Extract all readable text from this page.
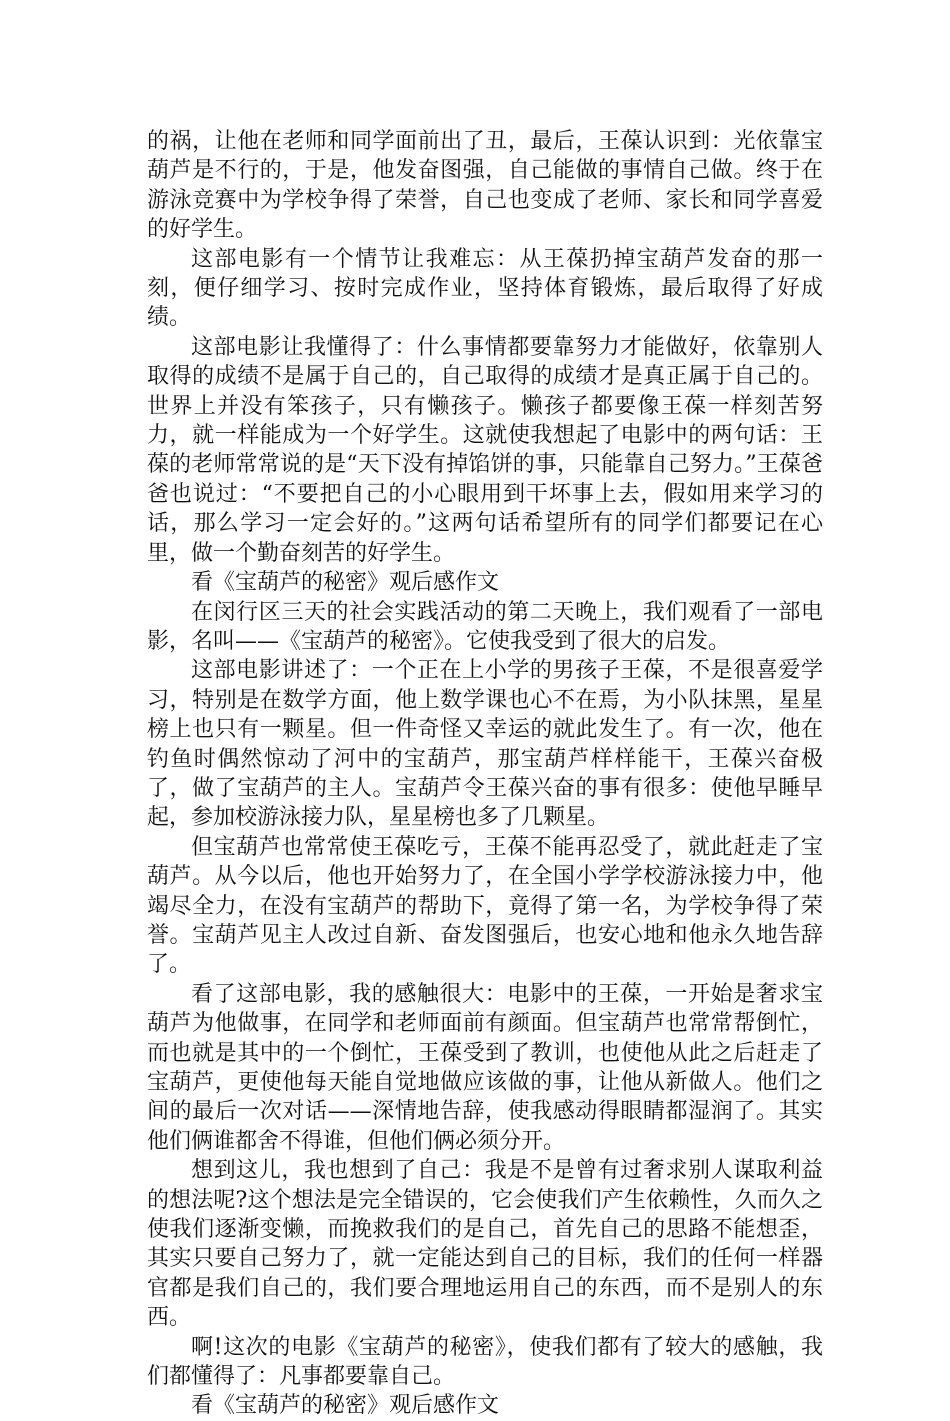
的祸，让他在老师和同学面前出了丑，最后，王葆认识到：光依靠宝葫芦是不行的，于是，他发奋图强，自己能做的事情自己做。终于在游泳竞赛中为学校争得了荣誉，自己也变成了老师、家长和同学喜爱的好学生。

这部电影有一个情节让我难忘：从王葆扔掉宝葫芦发奋的那一刻，便仔细学习、按时完成作业，坚持体育锻炼，最后取得了好成绩。

这部电影让我懂得了：什么事情都要靠努力才能做好，依靠别人取得的成绩不是属于自己的，自己取得的成绩才是真正属于自己的。世界上并没有笨孩子，只有懒孩子。懒孩子都要像王葆一样刻苦努力，就一样能成为一个好学生。这就使我想起了电影中的两句话：王葆的老师常常说的是“天下没有掉馅饼的事，只能靠自己努力。”王葆爸爸也说过：“不要把自己的小心眼用到干坏事上去，假如用来学习的话，那么学习一定会好的。”这两句话希望所有的同学们都要记在心里，做一个勤奋刻苦的好学生。

看《宝葫芦的秘密》观后感作文

在闵行区三天的社会实践活动的第二天晚上，我们观看了一部电影，名叫——《宝葫芦的秘密》。它使我受到了很大的启发。

这部电影讲述了：一个正在上小学的男孩子王葆，不是很喜爱学习，特别是在数学方面，他上数学课也心不在焉，为小队抹黑，星星榜上也只有一颗星。但一件奇怪又幸运的就此发生了。有一次，他在钓鱼时偶然惊动了河中的宝葫芦，那宝葫芦样样能干，王葆兴奋极了，做了宝葫芦的主人。宝葫芦令王葆兴奋的事有很多：使他早睡早起，参加校游泳接力队，星星榜也多了几颗星。

但宝葫芦也常常使王葆吃亏，王葆不能再忍受了，就此赶走了宝葫芦。从今以后，他也开始努力了，在全国小学学校游泳接力中，他竭尽全力，在没有宝葫芦的帮助下，竟得了第一名，为学校争得了荣誉。宝葫芦见主人改过自新、奋发图强后，也安心地和他永久地告辞了。

看了这部电影，我的感触很大：电影中的王葆，一开始是奢求宝葫芦为他做事，在同学和老师面前有颜面。但宝葫芦也常常帮倒忙，而也就是其中的一个倒忙，王葆受到了教训，也使他从此之后赶走了宝葫芦，更使他每天能自觉地做应该做的事，让他从新做人。他们之间的最后一次对话——深情地告辞，使我感动得眼睛都湿润了。其实他们俩谁都舍不得谁，但他们俩必须分开。

想到这儿，我也想到了自己：我是不是曾有过奢求别人谋取利益的想法呢?这个想法是完全错误的，它会使我们产生依赖性，久而久之使我们逐渐变懒，而挽救我们的是自己，首先自己的思路不能想歪，其实只要自己努力了，就一定能达到自己的目标，我们的任何一样器官都是我们自己的，我们要合理地运用自己的东西，而不是别人的东西。

啊!这次的电影《宝葫芦的秘密》，使我们都有了较大的感触，我们都懂得了：凡事都要靠自己。

看《宝葫芦的秘密》观后感作文
